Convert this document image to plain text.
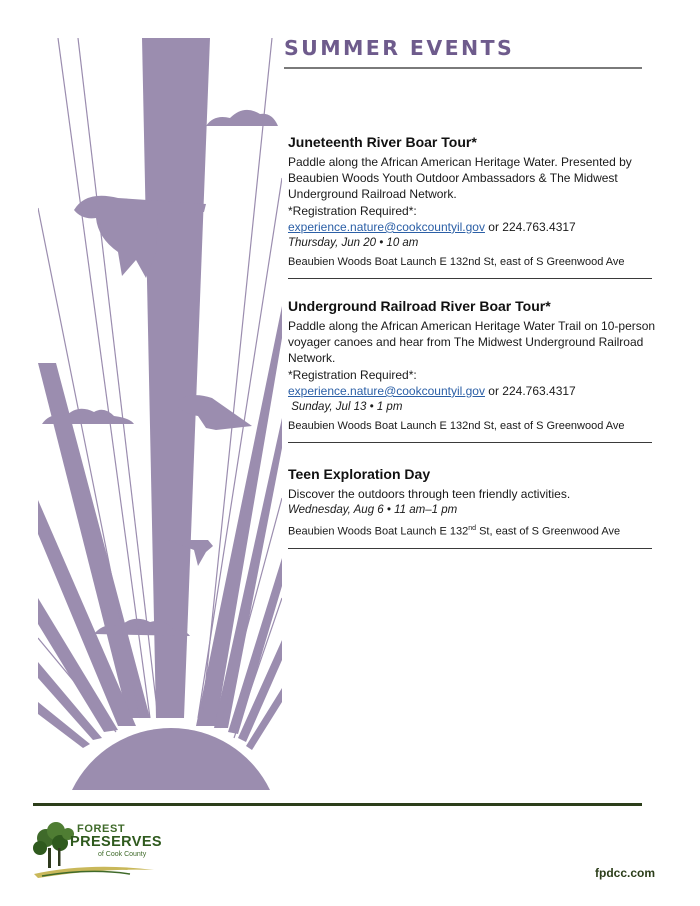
SUMMER EVENTS
Juneteenth River Boar Tour*
Paddle along the African American Heritage Water. Presented by Beaubien Woods Youth Outdoor Ambassadors & The Midwest Underground Railroad Network.
*Registration Required*:
experience.nature@cookcountyil.gov or 224.763.4317
Thursday, Jun 20 • 10 am
Beaubien Woods Boat Launch E 132nd St, east of S Greenwood Ave
Underground Railroad River Boar Tour*
Paddle along the African American Heritage Water Trail on 10-person voyager canoes and hear from The Midwest Underground Railroad Network.
*Registration Required*:
experience.nature@cookcountyil.gov or 224.763.4317
Sunday, Jul 13 • 1 pm
Beaubien Woods Boat Launch E 132nd St, east of S Greenwood Ave
Teen Exploration Day
Discover the outdoors through teen friendly activities.
Wednesday, Aug 6 • 11 am–1 pm
Beaubien Woods Boat Launch E 132nd St, east of S Greenwood Ave
FOREST
PRESERVES
of Cook County
fpdcc.com
